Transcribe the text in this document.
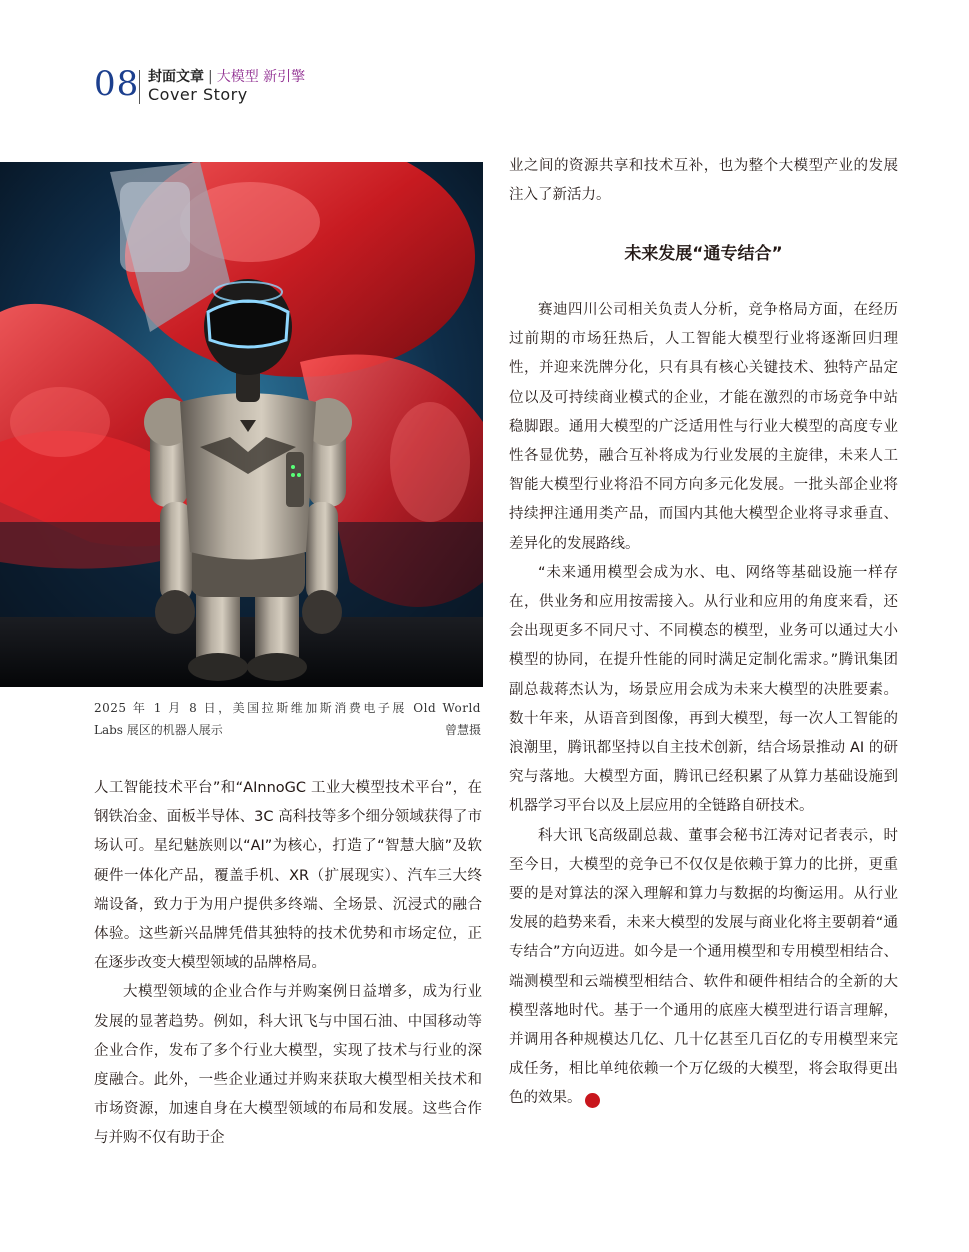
08 封面文章 | 大模型 新引擎
Cover Story
2025 年 1 月 8 日，美国拉斯维加斯消费电子展 Old World
Labs 展区的机器人展示	曾慧摄

人工智能技术平台”和“AInnoGC 工业大模型技术平台”，在钢铁冶金、面板半导体、3C 高科技等多个细分领域获得了市场认可。星纪魅族则以“AI”为核心，打造了“智慧大脑”及软硬件一体化产品，覆盖手机、XR（扩展现实）、汽车三大终端设备，致力于为用户提供多终端、全场景、沉浸式的融合体验。这些新兴品牌凭借其独特的技术优势和市场定位，正在逐步改变大模型领域的品牌格局。

大模型领域的企业合作与并购案例日益增多，成为行业发展的显著趋势。例如，科大讯飞与中国石油、中国移动等企业合作，发布了多个行业大模型，实现了技术与行业的深度融合。此外，一些企业通过并购来获取大模型相关技术和市场资源，加速自身在大模型领域的布局和发展。这些合作与并购不仅有助于企

业之间的资源共享和技术互补，也为整个大模型产业的发展注入了新活力。

未来发展“通专结合”

赛迪四川公司相关负责人分析，竞争格局方面，在经历过前期的市场狂热后，人工智能大模型行业将逐渐回归理性，并迎来洗牌分化，只有具有核心关键技术、独特产品定位以及可持续商业模式的企业，才能在激烈的市场竞争中站稳脚跟。通用大模型的广泛适用性与行业大模型的高度专业性各显优势，融合互补将成为行业发展的主旋律，未来人工智能大模型行业将沿不同方向多元化发展。一批头部企业将持续押注通用类产品，而国内其他大模型企业将寻求垂直、差异化的发展路线。

“未来通用模型会成为水、电、网络等基础设施一样存在，供业务和应用按需接入。从行业和应用的角度来看，还会出现更多不同尺寸、不同模态的模型，业务可以通过大小模型的协同，在提升性能的同时满足定制化需求。”腾讯集团副总裁蒋杰认为，场景应用会成为未来大模型的决胜要素。数十年来，从语音到图像，再到大模型，每一次人工智能的浪潮里，腾讯都坚持以自主技术创新，结合场景推动 AI 的研究与落地。大模型方面，腾讯已经积累了从算力基础设施到机器学习平台以及上层应用的全链路自研技术。

科大讯飞高级副总裁、董事会秘书江涛对记者表示，时至今日，大模型的竞争已不仅仅是依赖于算力的比拼，更重要的是对算法的深入理解和算力与数据的均衡运用。从行业发展的趋势来看，未来大模型的发展与商业化将主要朝着“通专结合”方向迈进。如今是一个通用模型和专用模型相结合、端测模型和云端模型相结合、软件和硬件相结合的全新的大模型落地时代。基于一个通用的底座大模型进行语言理解，并调用各种规模达几亿、几十亿甚至几百亿的专用模型来完成任务，相比单纯依赖一个万亿级的大模型，将会取得更出色的效果。	I
